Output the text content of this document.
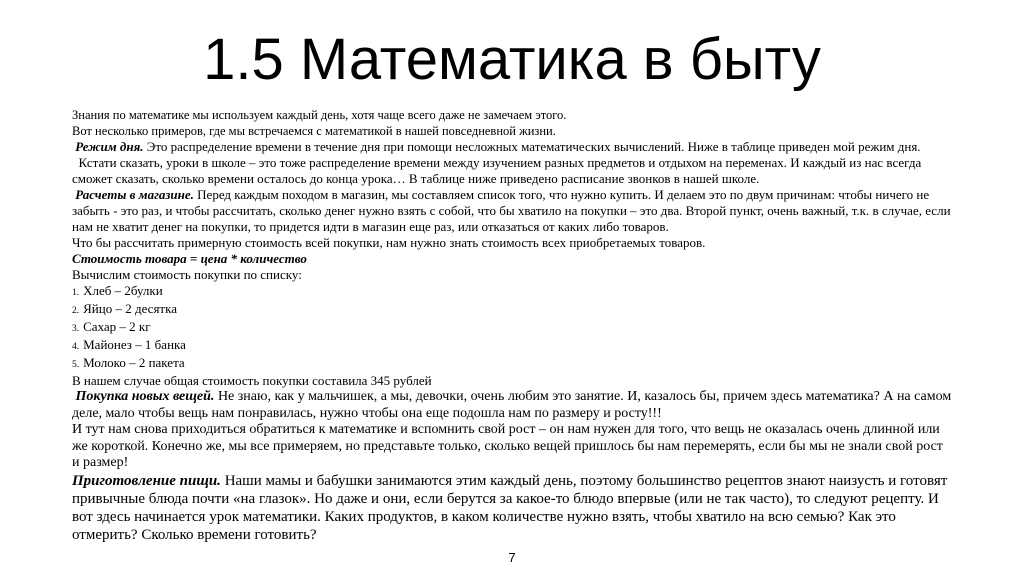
1.5 Математика в быту

Знания по математике мы используем каждый день, хотя чаще всего даже не замечаем этого.

Вот несколько примеров, где мы встречаемся с математикой в нашей повседневной жизни.

Режим дня. Это распределение времени в течение дня при помощи несложных математических вычислений. Ниже в таблице приведен мой режим дня.

Кстати сказать, уроки в школе – это тоже распределение времени между изучением разных предметов и отдыхом на переменах. И каждый из нас всегда сможет сказать, сколько времени осталось до конца урока… В таблице ниже приведено расписание звонков в нашей школе.

Расчеты в магазине. Перед каждым походом в магазин, мы составляем список того, что нужно купить. И делаем это по двум причинам: чтобы ничего не забыть - это раз, и чтобы рассчитать, сколько денег нужно взять с собой, что бы хватило на покупки – это два. Второй пункт, очень важный, т.к. в случае, если нам не хватит денег на покупки, то придется идти в магазин еще раз, или отказаться от каких либо товаров.

Что бы рассчитать примерную стоимость всей покупки, нам нужно знать стоимость всех приобретаемых товаров.

Стоимость товара = цена * количество

Вычислим стоимость покупки по списку:

1. Хлеб – 2булки
2. Яйцо – 2 десятка
3. Сахар – 2 кг
4. Майонез – 1 банка
5. Молоко – 2 пакета

В нашем случае общая стоимость покупки составила 345 рублей

Покупка новых вещей. Не знаю, как у мальчишек, а мы, девочки, очень любим это занятие. И, казалось бы, причем здесь математика? А на самом деле, мало чтобы вещь нам понравилась, нужно чтобы она еще подошла нам по размеру и росту!!!

И тут нам снова приходиться обратиться к математике и вспомнить свой рост – он нам нужен для того, что вещь не оказалась очень длинной или же короткой. Конечно же, мы все примеряем, но представьте только, сколько вещей пришлось бы нам перемерять, если бы мы не знали свой рост и размер!

Приготовление пищи. Наши мамы и бабушки занимаются этим каждый день, поэтому большинство рецептов знают наизусть и готовят привычные блюда почти «на глазок». Но даже и они, если берутся за какое-то блюдо впервые (или не так часто), то следуют рецепту. И вот здесь начинается урок математики. Каких продуктов, в каком количестве нужно взять, чтобы хватило на всю семью? Как это отмерить? Сколько времени готовить?

7
